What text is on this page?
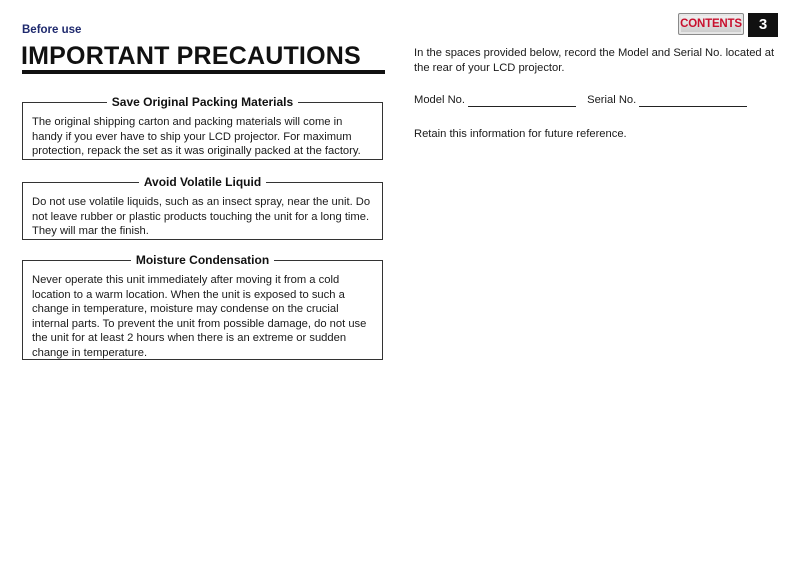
Before use
IMPORTANT PRECAUTIONS
Save Original Packing Materials

The original shipping carton and packing materials will come in handy if you ever have to ship your LCD projector. For maximum protection, repack the set as it was originally packed at the factory.

Avoid Volatile Liquid

Do not use volatile liquids, such as an insect spray, near the unit. Do not leave rubber or plastic products touching the unit for a long time. They will mar the finish.

Moisture Condensation

Never operate this unit immediately after moving it from a cold location to a warm location. When the unit is exposed to such a change in temperature, moisture may condense on the crucial internal parts. To prevent the unit from possible damage, do not use the unit for at least 2 hours when there is an extreme or sudden change in temperature.

In the spaces provided below, record the Model and Serial No. located at the rear of your LCD projector.
Model No.	Serial No.
Retain this information for future reference.
CONTENTS	3
